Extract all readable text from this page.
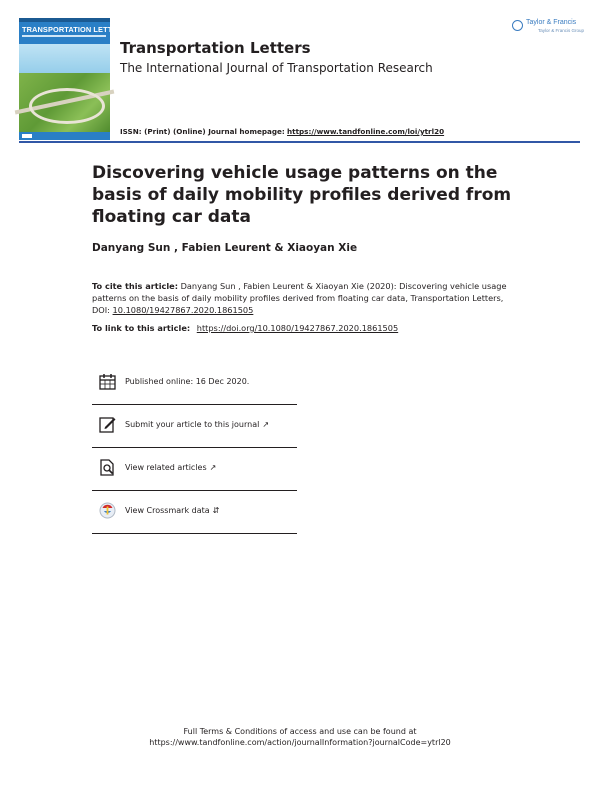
TRANSPORTATION LETTERS
Taylor & Francis
Taylor & Francis Group
Transportation Letters
The International Journal of Transportation Research
ISSN: (Print) (Online) Journal homepage: https://www.tandfonline.com/loi/ytrl20
Discovering vehicle usage patterns on the basis of daily mobility profiles derived from floating car data
Danyang Sun , Fabien Leurent & Xiaoyan Xie
To cite this article: Danyang Sun , Fabien Leurent & Xiaoyan Xie (2020): Discovering vehicle usage patterns on the basis of daily mobility profiles derived from floating car data, Transportation Letters, DOI: 10.1080/19427867.2020.1861505
To link to this article: https://doi.org/10.1080/19427867.2020.1861505
Published online: 16 Dec 2020.
Submit your article to this journal ↗
View related articles ↗
View Crossmark data ⇵
Full Terms & Conditions of access and use can be found at
https://www.tandfonline.com/action/journalInformation?journalCode=ytrl20
